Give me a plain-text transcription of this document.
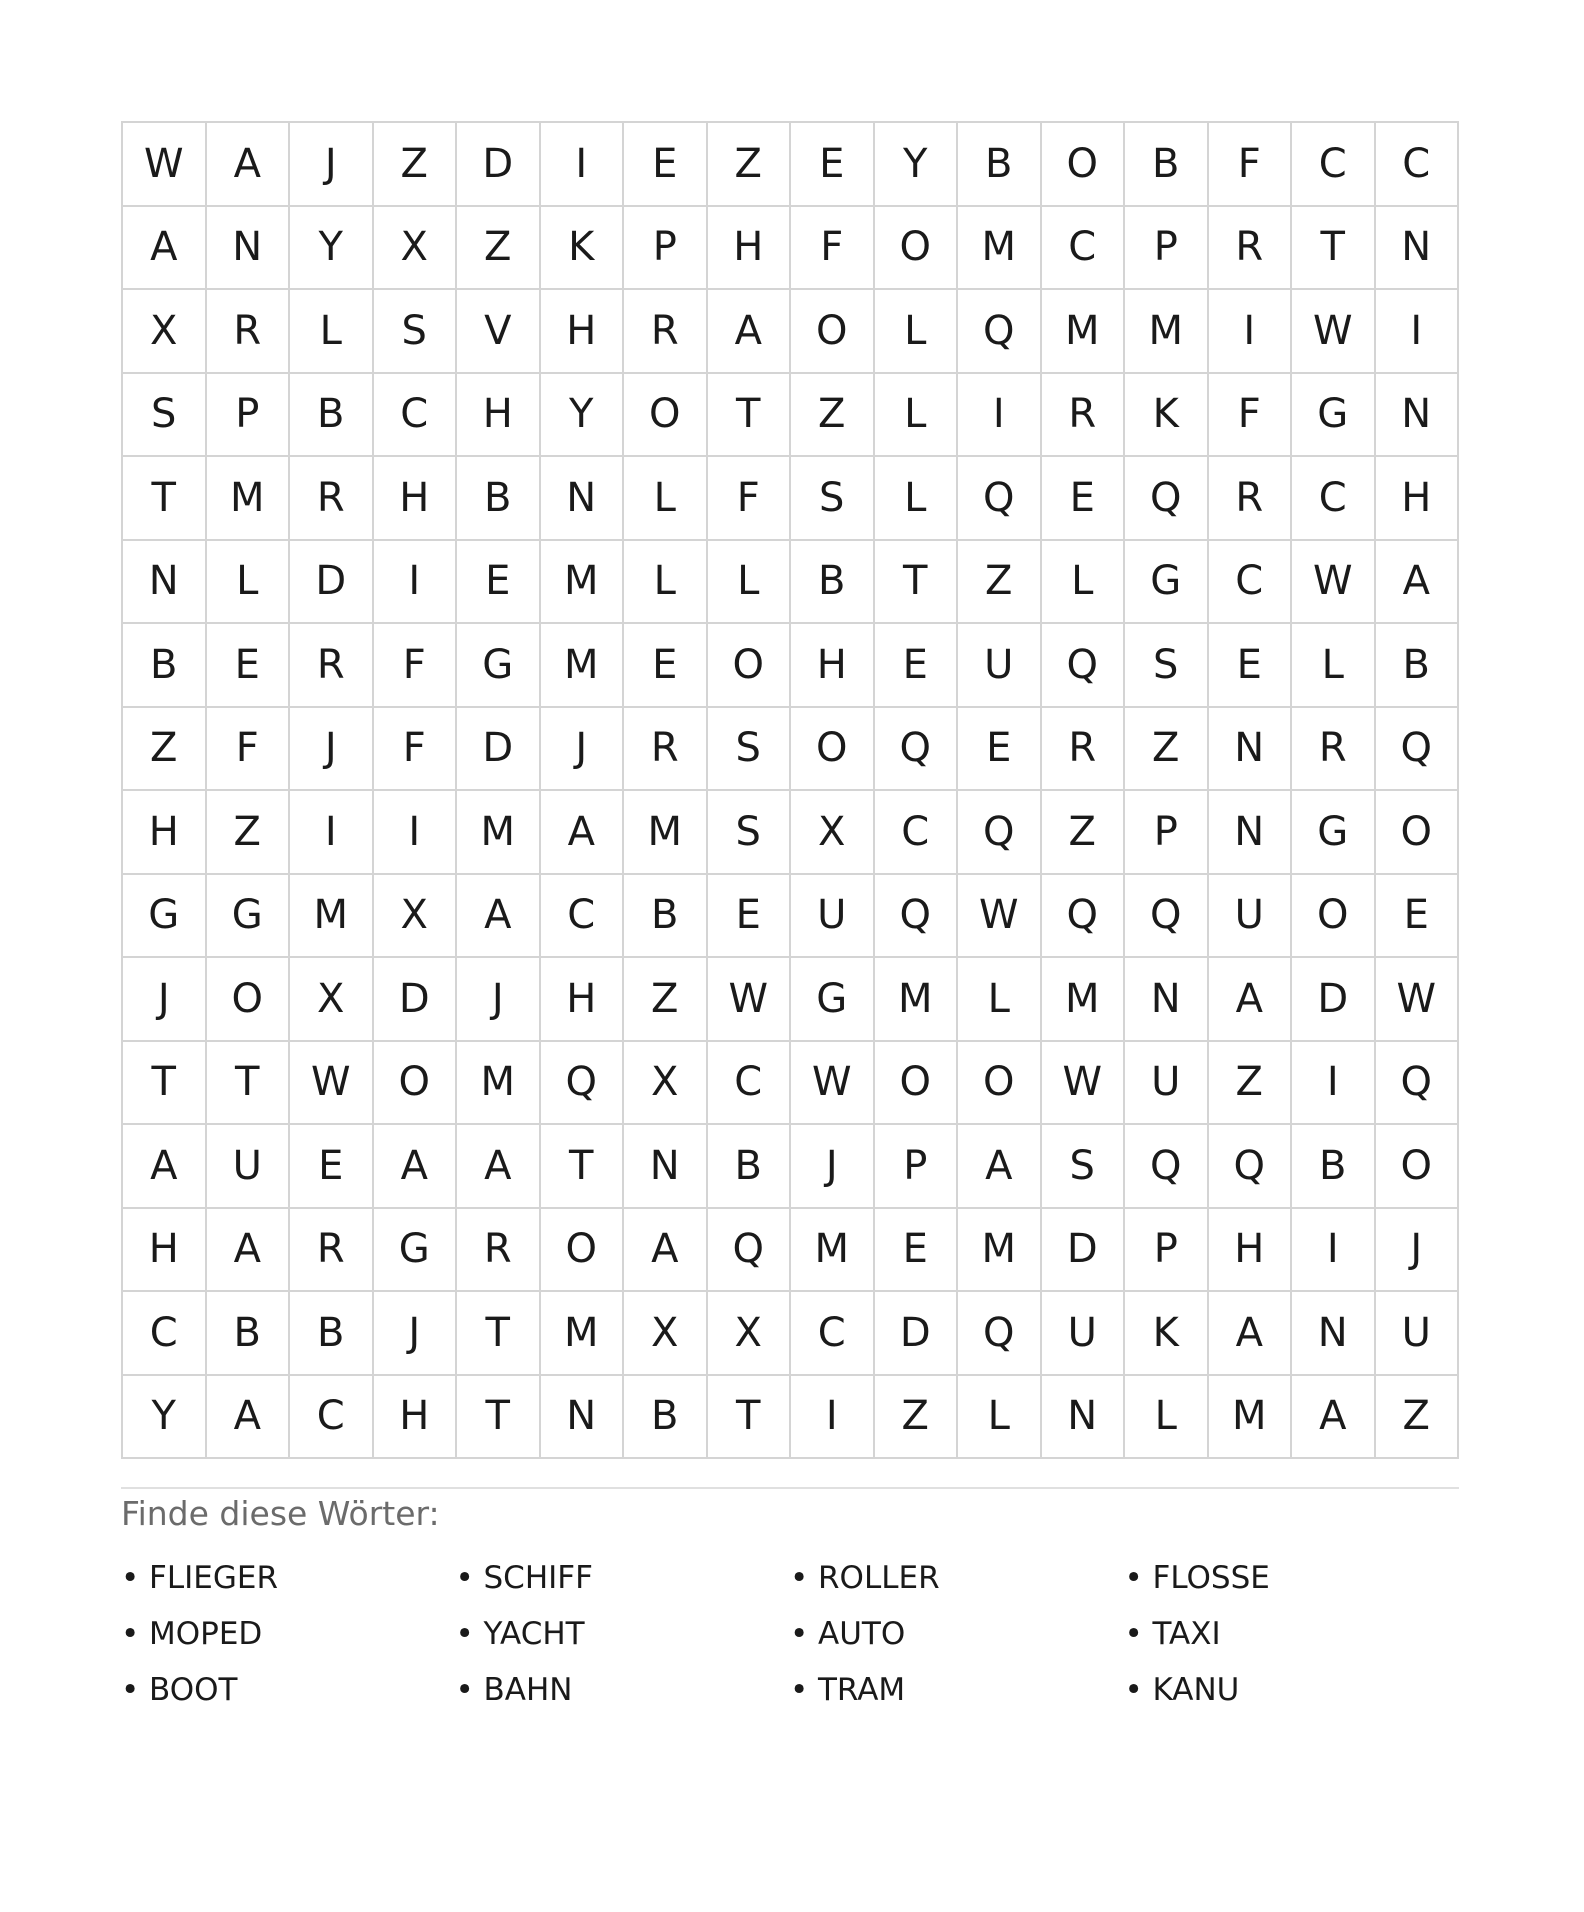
W	A	J	Z	D	I	E	Z	E	Y	B	O	B	F	C	C
A	N	Y	X	Z	K	P	H	F	O	M	C	P	R	T	N
X	R	L	S	V	H	R	A	O	L	Q	M	M	I	W	I
S	P	B	C	H	Y	O	T	Z	L	I	R	K	F	G	N
T	M	R	H	B	N	L	F	S	L	Q	E	Q	R	C	H
N	L	D	I	E	M	L	L	B	T	Z	L	G	C	W	A
B	E	R	F	G	M	E	O	H	E	U	Q	S	E	L	B
Z	F	J	F	D	J	R	S	O	Q	E	R	Z	N	R	Q
H	Z	I	I	M	A	M	S	X	C	Q	Z	P	N	G	O
G	G	M	X	A	C	B	E	U	Q	W	Q	Q	U	O	E
J	O	X	D	J	H	Z	W	G	M	L	M	N	A	D	W
T	T	W	O	M	Q	X	C	W	O	O	W	U	Z	I	Q
A	U	E	A	A	T	N	B	J	P	A	S	Q	Q	B	O
H	A	R	G	R	O	A	Q	M	E	M	D	P	H	I	J
C	B	B	J	T	M	X	X	C	D	Q	U	K	A	N	U
Y	A	C	H	T	N	B	T	I	Z	L	N	L	M	A	Z
Finde diese Wörter:
• FLIEGER	• SCHIFF	• ROLLER	• FLOSSE
• MOPED	• YACHT	• AUTO	• TAXI
• BOOT	• BAHN	• TRAM	• KANU
